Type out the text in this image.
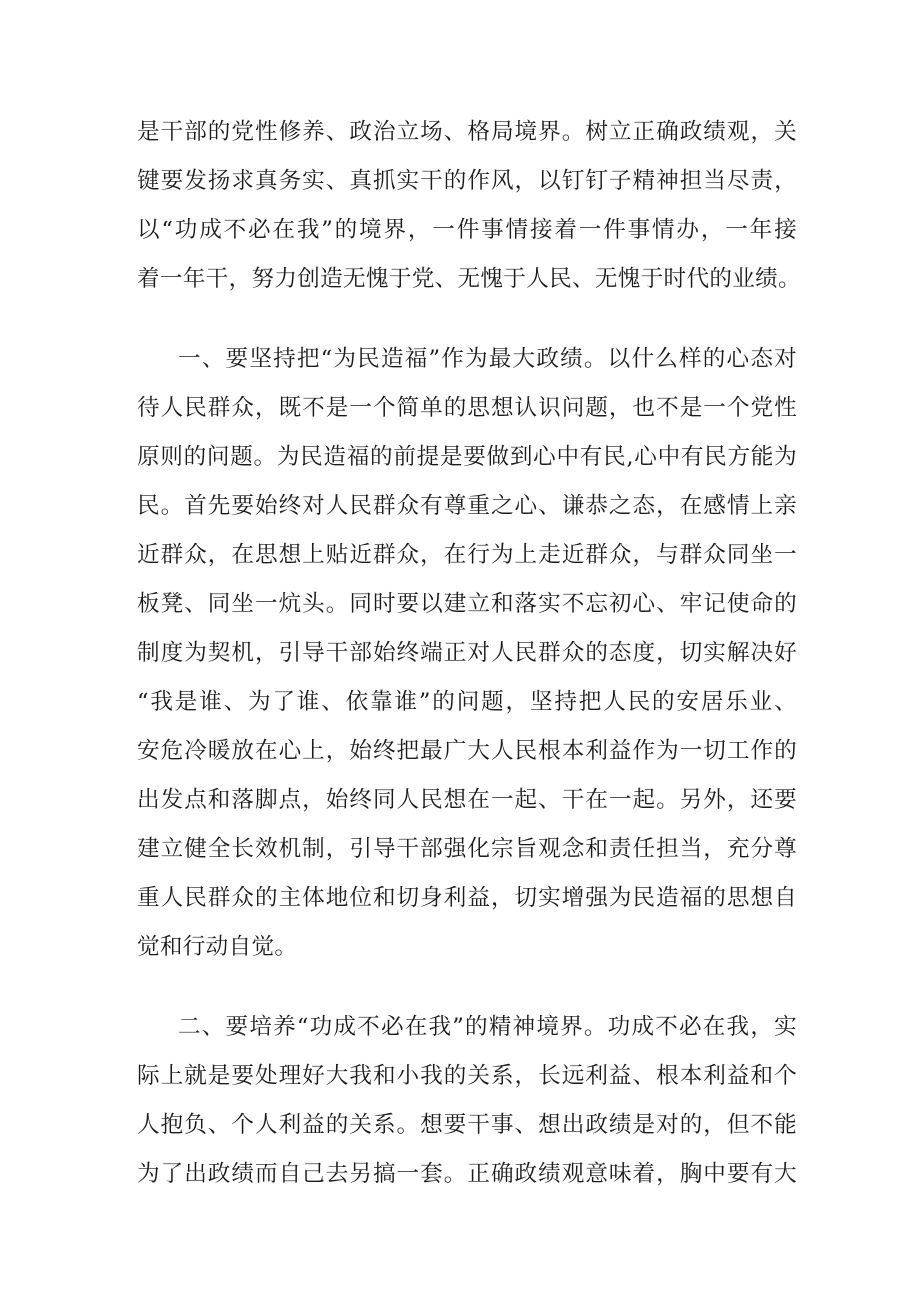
是干部的党性修养、政治立场、格局境界。树立正确政绩观，关
键要发扬求真务实、真抓实干的作风，以钉钉子精神担当尽责，
以“功成不必在我”的境界，一件事情接着一件事情办，一年接
着一年干，努力创造无愧于党、无愧于人民、无愧于时代的业绩。
一、要坚持把“为民造福”作为最大政绩。以什么样的心态对
待人民群众，既不是一个简单的思想认识问题，也不是一个党性
原则的问题。为民造福的前提是要做到心中有民,心中有民方能为
民。首先要始终对人民群众有尊重之心、谦恭之态，在感情上亲
近群众，在思想上贴近群众，在行为上走近群众，与群众同坐一
板凳、同坐一炕头。同时要以建立和落实不忘初心、牢记使命的
制度为契机，引导干部始终端正对人民群众的态度，切实解决好
“我是谁、为了谁、依靠谁”的问题，坚持把人民的安居乐业、
安危冷暖放在心上，始终把最广大人民根本利益作为一切工作的
出发点和落脚点，始终同人民想在一起、干在一起。另外，还要
建立健全长效机制，引导干部强化宗旨观念和责任担当，充分尊
重人民群众的主体地位和切身利益，切实增强为民造福的思想自
觉和行动自觉。
二、要培养“功成不必在我”的精神境界。功成不必在我，实
际上就是要处理好大我和小我的关系，长远利益、根本利益和个
人抱负、个人利益的关系。想要干事、想出政绩是对的，但不能
为了出政绩而自己去另搞一套。正确政绩观意味着，胸中要有大
